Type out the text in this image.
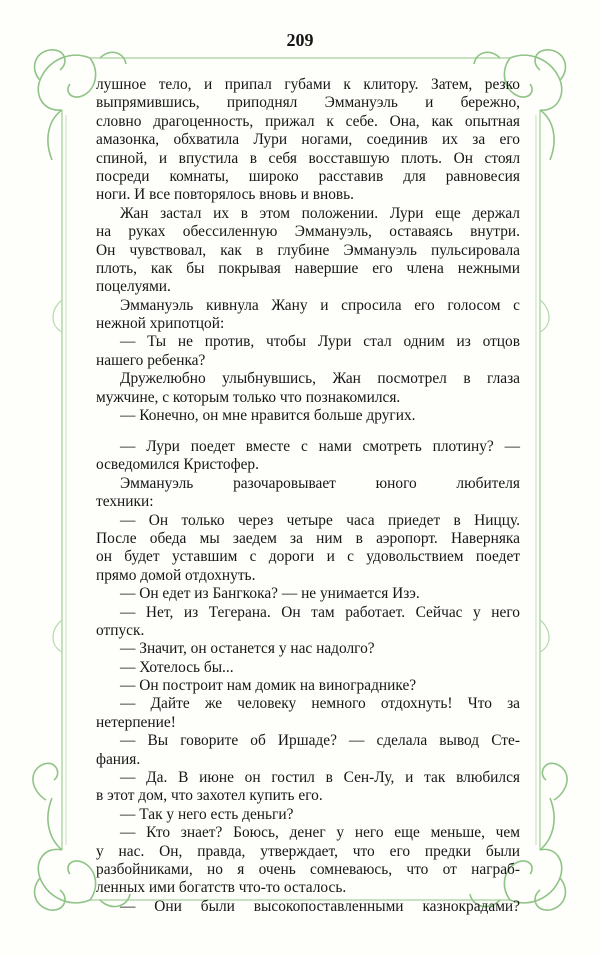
209
лушное тело, и припал губами к клитору. Затем, резко
выпрямившись, приподнял Эммануэль и бережно,
словно драгоценность, прижал к себе. Она, как опытная
амазонка, обхватила Лури ногами, соединив их за его
спиной, и впустила в себя восставшую плоть. Он стоял
посреди комнаты, широко расставив для равновесия
ноги. И все повторялось вновь и вновь.
Жан застал их в этом положении. Лури еще держал
на руках обессиленную Эммануэль, оставаясь внутри.
Он чувствовал, как в глубине Эммануэль пульсировала
плоть, как бы покрывая навершие его члена нежными
поцелуями.
Эммануэль кивнула Жану и спросила его голосом с
нежной хрипотцой:
— Ты не против, чтобы Лури стал одним из отцов
нашего ребенка?
Дружелюбно улыбнувшись, Жан посмотрел в глаза
мужчине, с которым только что познакомился.
— Конечно, он мне нравится больше других.
— Лури поедет вместе с нами смотреть плотину? —
осведомился Кристофер.
Эммануэль   разочаровывает   юного   любителя
техники:
— Он только через четыре часа приедет в Ниццу.
После обеда мы заедем за ним в аэропорт. Наверняка
он будет уставшим с дороги и с удовольствием поедет
прямо домой отдохнуть.
— Он едет из Бангкока? — не унимается Изэ.
— Нет, из Тегерана. Он там работает. Сейчас у него
отпуск.
— Значит, он останется у нас надолго?
— Хотелось бы...
— Он построит нам домик на винограднике?
— Дайте же человеку немного отдохнуть! Что за
нетерпение!
— Вы говорите об Иршаде? — сделала вывод Сте-
фания.
— Да. В июне он гостил в Сен-Лу, и так влюбился
в этот дом, что захотел купить его.
— Так у него есть деньги?
— Кто знает? Боюсь, денег у него еще меньше, чем
у нас. Он, правда, утверждает, что его предки были
разбойниками, но я очень сомневаюсь, что от награб-
ленных ими богатств что-то осталось.
— Они были высокопоставленными казнокрадами?
